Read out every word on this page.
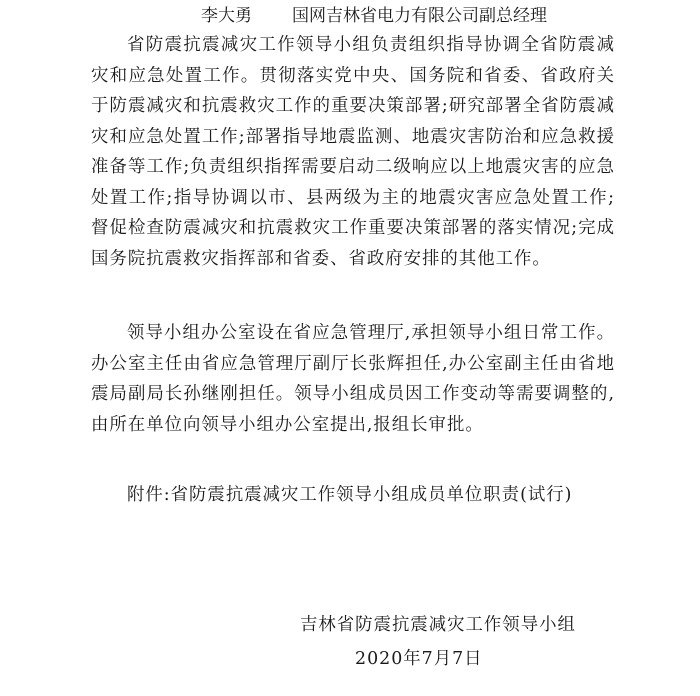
李大勇 国网吉林省电力有限公司副总经理

省防震抗震减灾工作领导小组负责组织指导协调全省防震减灾和应急处置工作。贯彻落实党中央、国务院和省委、省政府关于防震减灾和抗震救灾工作的重要决策部署;研究部署全省防震减灾和应急处置工作;部署指导地震监测、地震灾害防治和应急救援准备等工作;负责组织指挥需要启动二级响应以上地震灾害的应急处置工作;指导协调以市、县两级为主的地震灾害应急处置工作;督促检查防震减灾和抗震救灾工作重要决策部署的落实情况;完成国务院抗震救灾指挥部和省委、省政府安排的其他工作。

领导小组办公室设在省应急管理厅,承担领导小组日常工作。办公室主任由省应急管理厅副厅长张辉担任,办公室副主任由省地震局副局长孙继刚担任。领导小组成员因工作变动等需要调整的,由所在单位向领导小组办公室提出,报组长审批。

附件:省防震抗震减灾工作领导小组成员单位职责(试行)
吉林省防震抗震减灾工作领导小组
2020年7月7日
